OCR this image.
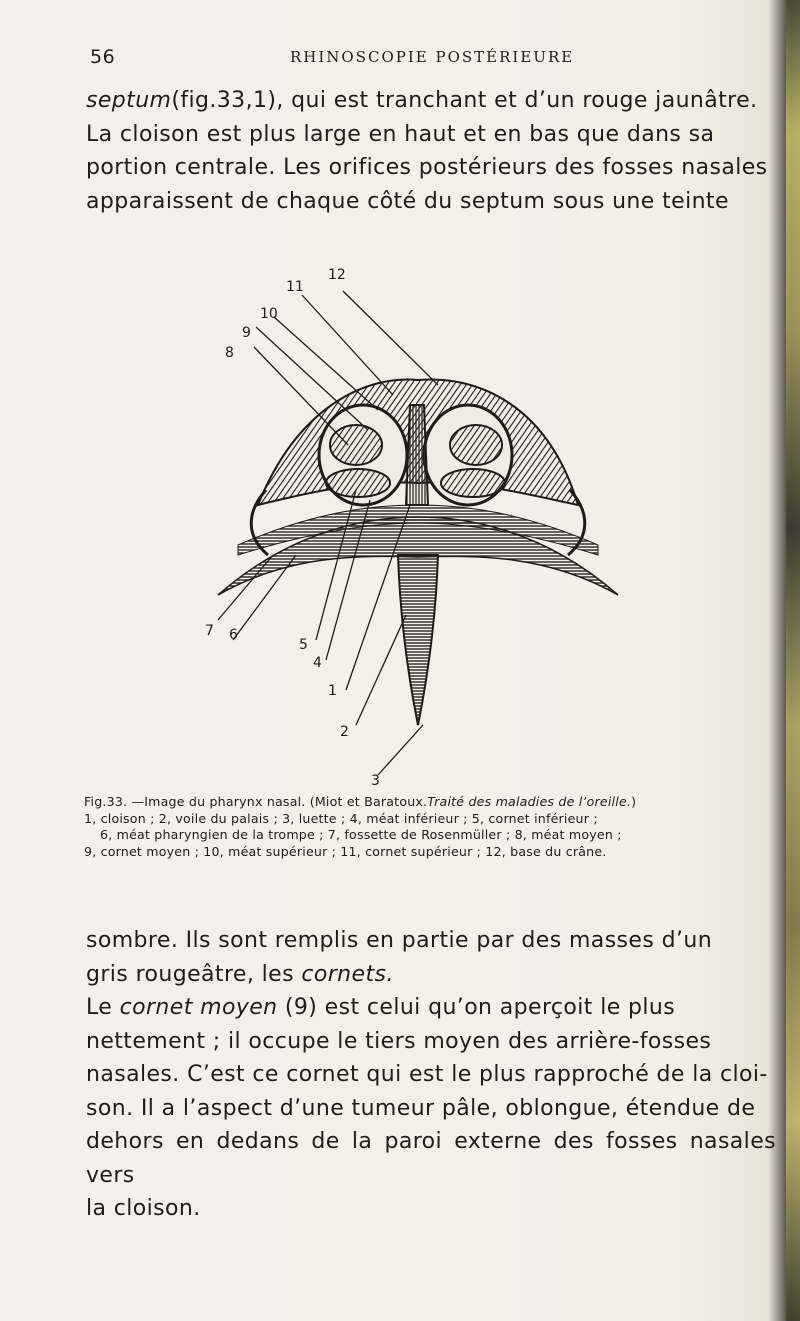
56	RHINOSCOPIE POSTÉRIEURE
septum(fig.33,1), qui est tranchant et d’un rouge jaunâtre.
La cloison est plus large en haut et en bas que dans sa
portion centrale. Les orifices postérieurs des fosses nasales
apparaissent de chaque côté du septum sous une teinte
8
9
10
11
12
7 6
5
4
1
2
3
Fig.33. —Image du pharynx nasal. (Miot et Baratoux.Traité des maladies de l’oreille.)
1, cloison ; 2, voile du palais ; 3, luette ; 4, méat inférieur ; 5, cornet inférieur ;
6, méat pharyngien de la trompe ; 7, fossette de Rosenmüller ; 8, méat moyen ;
9, cornet moyen ; 10, méat supérieur ; 11, cornet supérieur ; 12, base du crâne.
sombre. Ils sont remplis en partie par des masses d’un
gris rougeâtre, les cornets.
Le cornet moyen (9) est celui qu’on aperçoit le plus
nettement ; il occupe le tiers moyen des arrière-fosses
nasales. C’est ce cornet qui est le plus rapproché de la cloi-
son. Il a l’aspect d’une tumeur pâle, oblongue, étendue de
dehors en dedans de la paroi externe des fosses nasales vers
la cloison.
